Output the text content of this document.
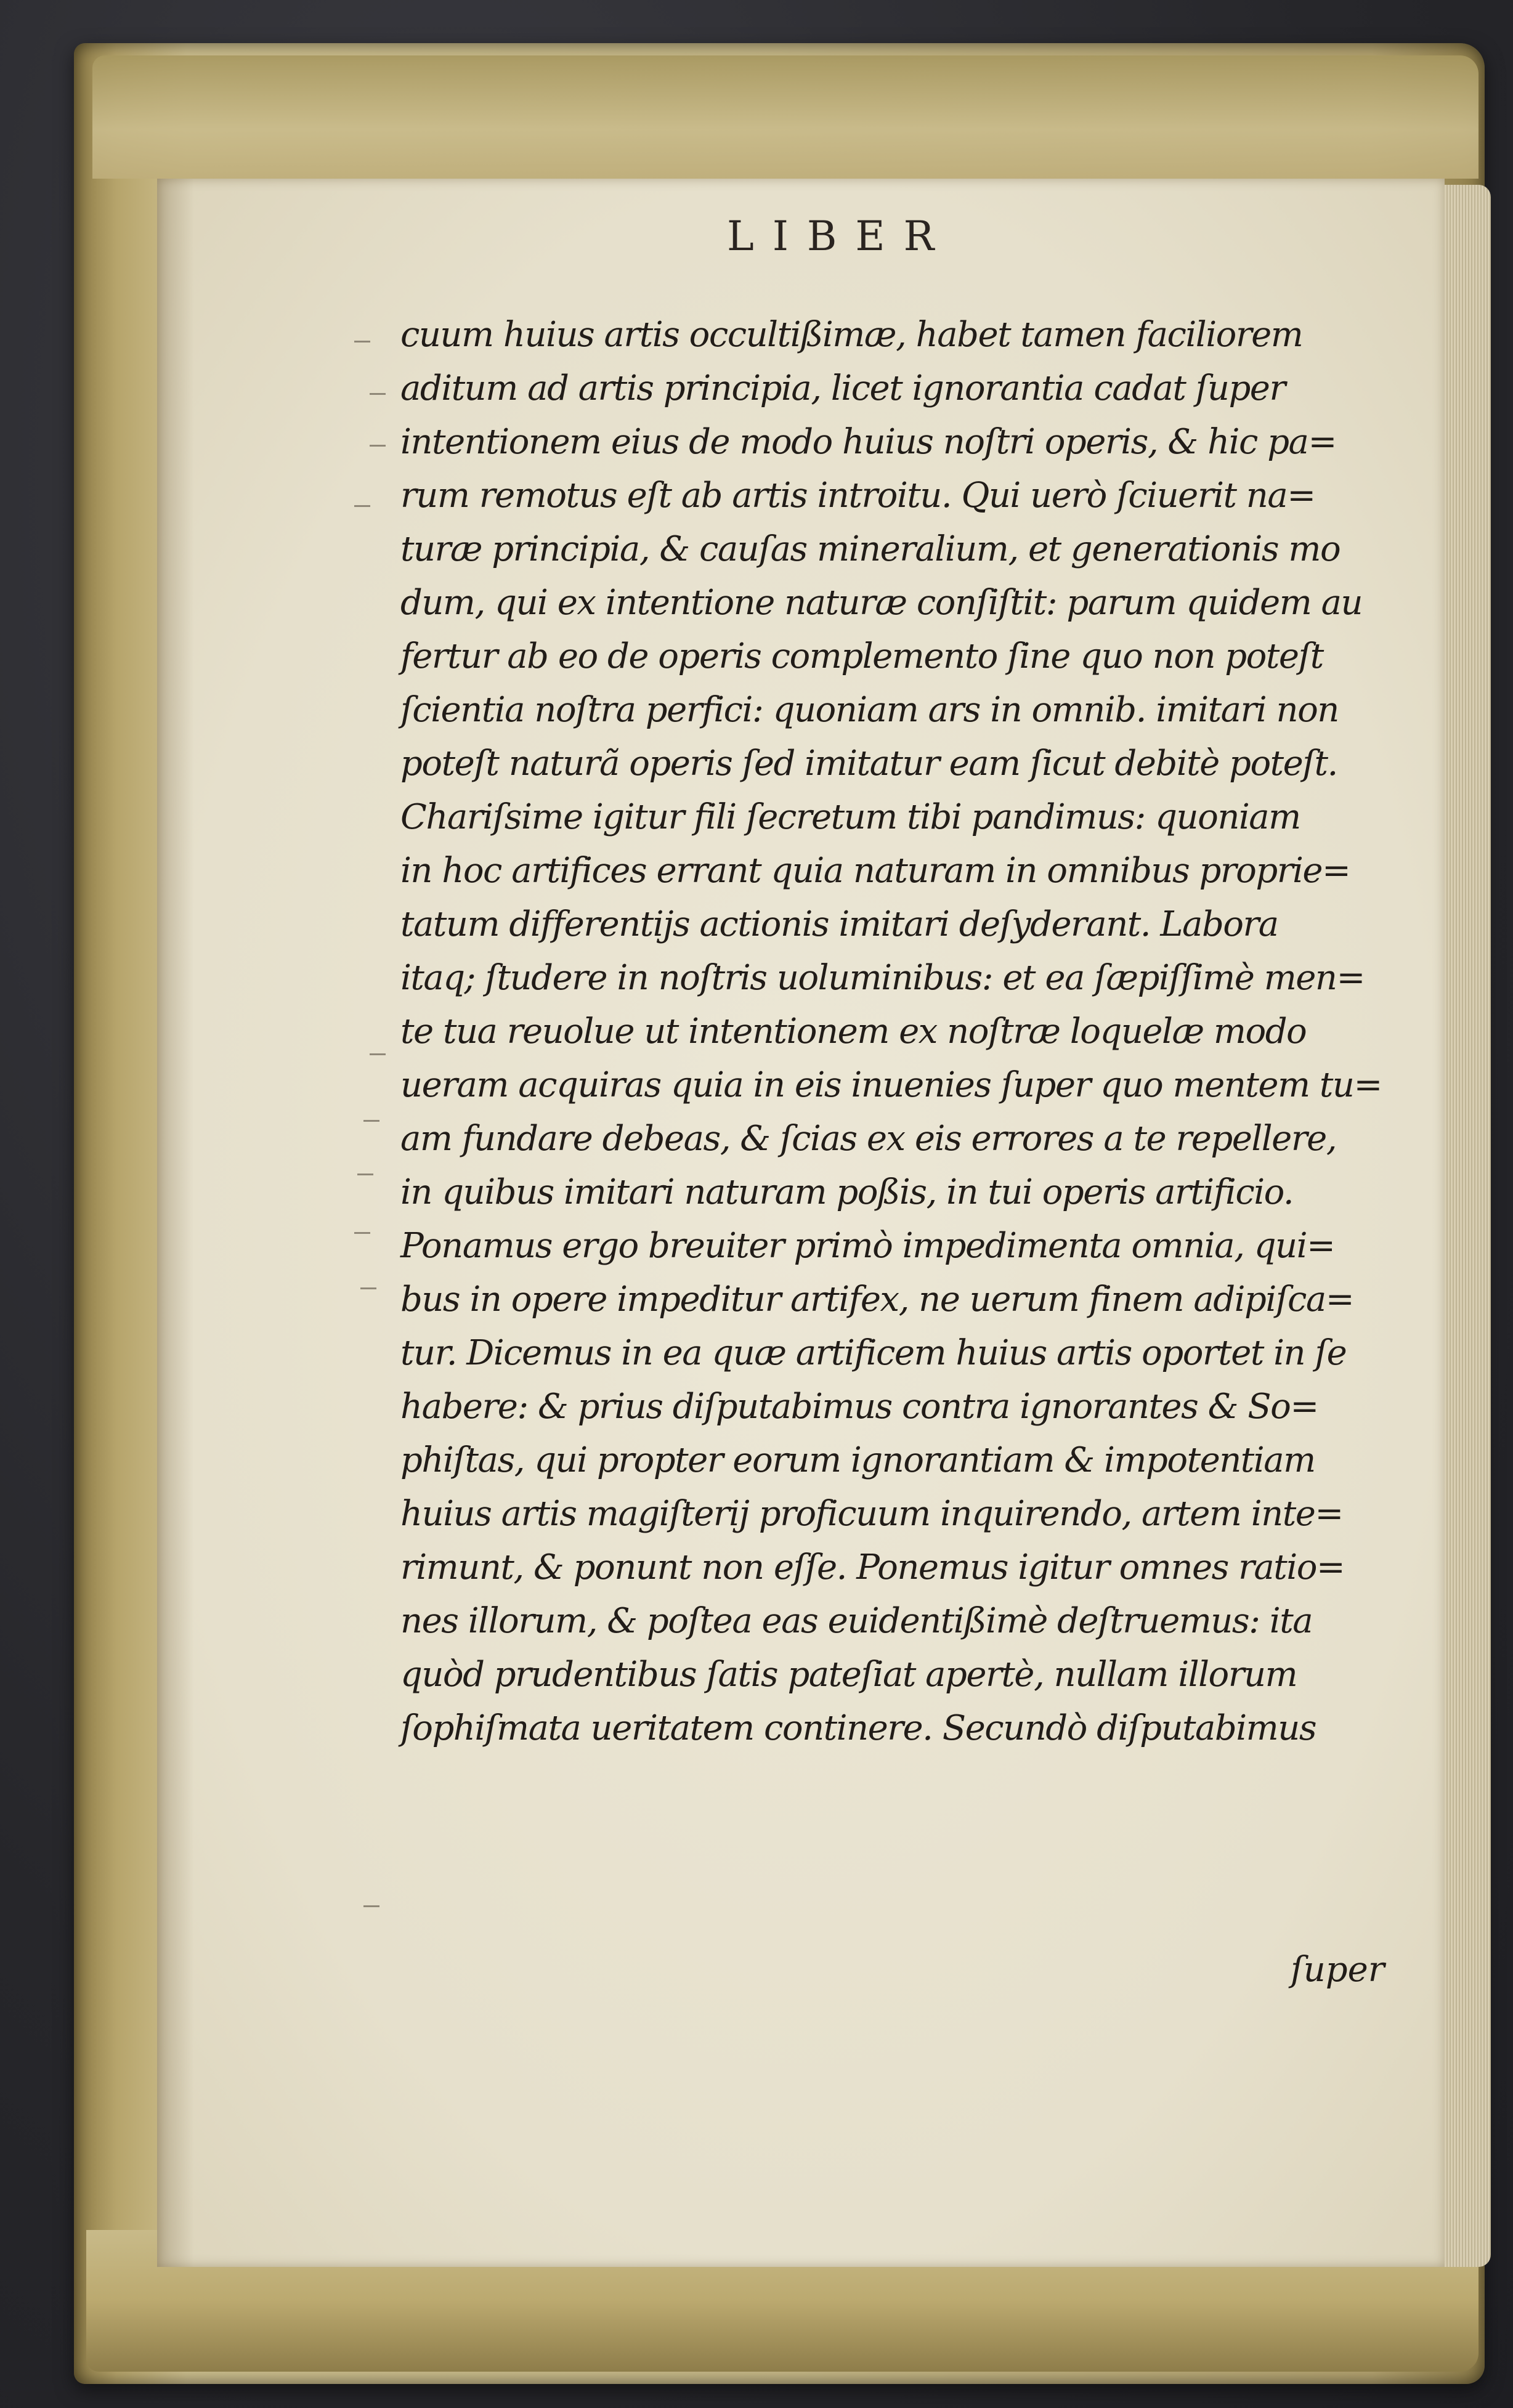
LIBER
cuum huius artis occultißimæ, habet tamen faciliorem
aditum ad artis principia, licet ignorantia cadat ſuper
intentionem eius de modo huius noſtri operis, & hic pa=
rum remotus eſt ab artis introitu. Qui uerò ſciuerit na=
turæ principia, & cauſas mineralium, et generationis mo
dum, qui ex intentione naturæ conſiſtit: parum quidem au
fertur ab eo de operis complemento ſine quo non poteſt
ſcientia noſtra perfici: quoniam ars in omnib. imitari non
poteſt naturã operis ſed imitatur eam ſicut debitè poteſt.
Chariſsime igitur fili ſecretum tibi pandimus: quoniam
in hoc artifices errant quia naturam in omnibus proprie=
tatum differentijs actionis imitari deſyderant. Labora
itaq; ſtudere in noſtris uoluminibus: et ea ſæpiſſimè men=
te tua reuolue ut intentionem ex noſtræ loquelæ modo
ueram acquiras quia in eis inuenies ſuper quo mentem tu=
am fundare debeas, & ſcias ex eis errores a te repellere,
in quibus imitari naturam poßis, in tui operis artificio.
Ponamus ergo breuiter primò impedimenta omnia, qui=
bus in opere impeditur artifex, ne uerum finem adipiſca=
tur. Dicemus in ea quæ artificem huius artis oportet in ſe
habere: & prius diſputabimus contra ignorantes & So=
phiſtas, qui propter eorum ignorantiam & impotentiam
huius artis magiſterij proficuum inquirendo, artem inte=
rimunt, & ponunt non eſſe. Ponemus igitur omnes ratio=
nes illorum, & poſtea eas euidentißimè deſtruemus: ita
quòd prudentibus ſatis pateſiat apertè, nullam illorum
ſophiſmata ueritatem continere. Secundò diſputabimus
ſuper
